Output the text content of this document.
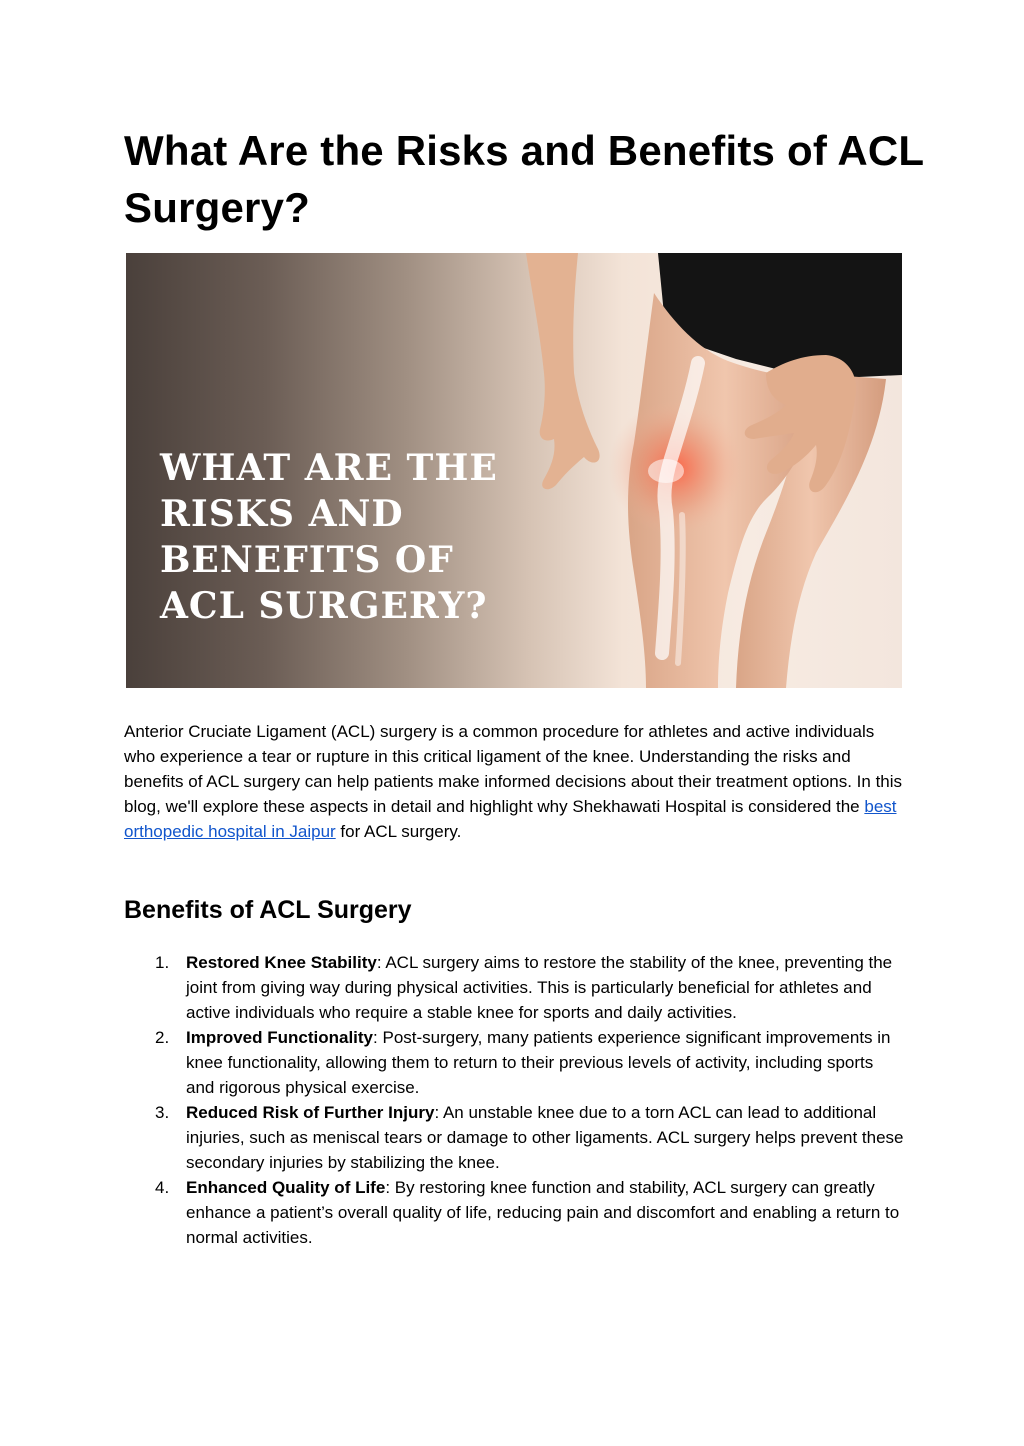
What Are the Risks and Benefits of ACL Surgery?
WHAT ARE THE
RISKS AND
BENEFITS OF
ACL SURGERY?

Anterior Cruciate Ligament (ACL) surgery is a common procedure for athletes and active individuals who experience a tear or rupture in this critical ligament of the knee. Understanding the risks and benefits of ACL surgery can help patients make informed decisions about their treatment options. In this blog, we'll explore these aspects in detail and highlight why Shekhawati Hospital is considered the best orthopedic hospital in Jaipur for ACL surgery.

Benefits of ACL Surgery
1. Restored Knee Stability: ACL surgery aims to restore the stability of the knee, preventing the joint from giving way during physical activities. This is particularly beneficial for athletes and active individuals who require a stable knee for sports and daily activities.
2. Improved Functionality: Post-surgery, many patients experience significant improvements in knee functionality, allowing them to return to their previous levels of activity, including sports and rigorous physical exercise.
3. Reduced Risk of Further Injury: An unstable knee due to a torn ACL can lead to additional injuries, such as meniscal tears or damage to other ligaments. ACL surgery helps prevent these secondary injuries by stabilizing the knee.
4. Enhanced Quality of Life: By restoring knee function and stability, ACL surgery can greatly enhance a patient’s overall quality of life, reducing pain and discomfort and enabling a return to normal activities.
